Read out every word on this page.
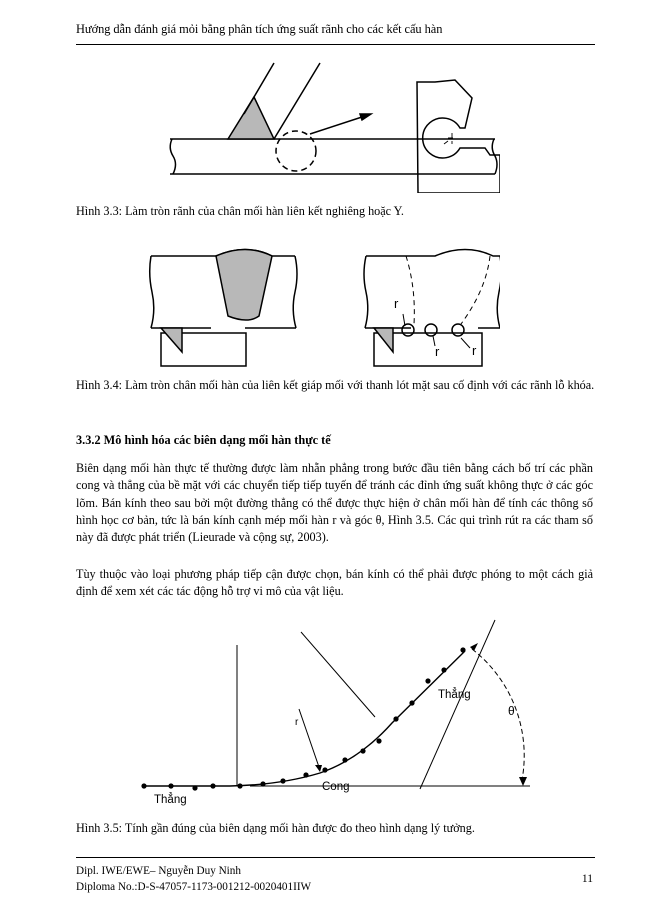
Hướng dẫn đánh giá mỏi bằng phân tích ứng suất rãnh cho các kết cấu hàn
Hình 3.3: Làm tròn rãnh của chân mối hàn liên kết nghiêng hoặc Y.
r
r	r
Hình 3.4: Làm tròn chân mối hàn của liên kết giáp mối với thanh lót mặt sau cố định với các rãnh lỗ khóa.
3.3.2 Mô hình hóa các biên dạng mối hàn thực tế
Biên dạng mối hàn thực tế thường được làm nhẵn phẳng trong bước đầu tiên bằng cách bố trí các phần cong và thẳng của bề mặt với các chuyển tiếp tiếp tuyến để tránh các đỉnh ứng suất không thực ở các góc lõm. Bán kính theo sau bởi một đường thẳng có thể được thực hiện ở chân mối hàn để tính các thông số hình học cơ bản, tức là bán kính cạnh mép mối hàn r và góc θ, Hình 3.5. Các qui trình rút ra các tham số này đã được phát triển (Lieurade và cộng sự, 2003).
Tùy thuộc vào loại phương pháp tiếp cận được chọn, bán kính có thể phải được phóng to một cách giả định để xem xét các tác động hỗ trợ vi mô của vật liệu.
Thẳng
Thẳng
Cong
r
θ
Hình 3.5: Tính gần đúng của biên dạng mối hàn được đo theo hình dạng lý tưởng.
Dipl. IWE/EWE– Nguyễn Duy Ninh
Diploma No.:D-S-47057-1173-001212-0020401IIW
11
